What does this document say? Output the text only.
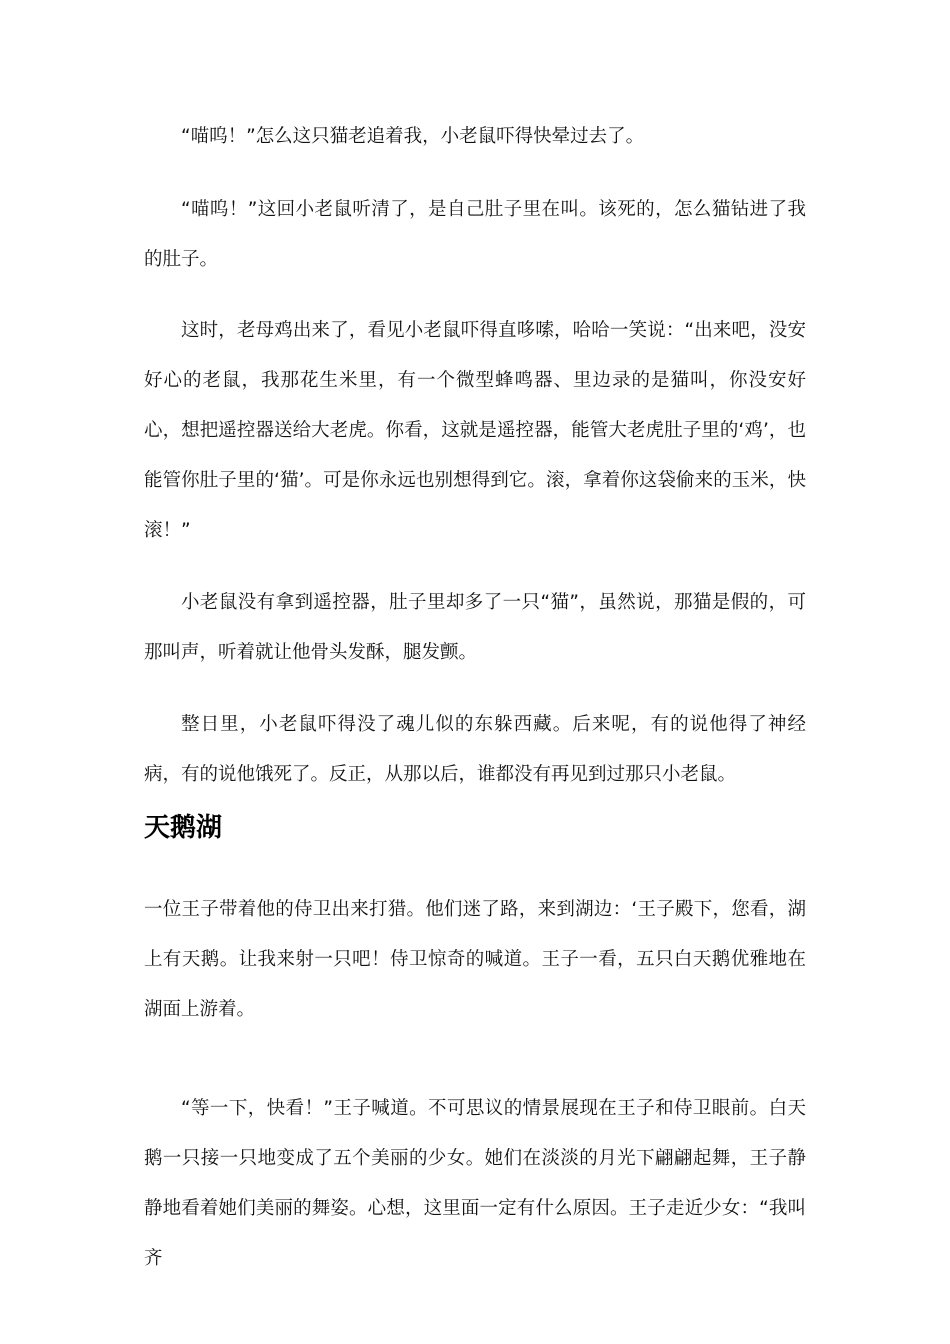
“喵呜！”怎么这只猫老追着我，小老鼠吓得快晕过去了。

“喵呜！”这回小老鼠听清了，是自己肚子里在叫。该死的，怎么猫钻进了我的肚子。

这时，老母鸡出来了，看见小老鼠吓得直哆嗦，哈哈一笑说：“出来吧，没安好心的老鼠，我那花生米里，有一个微型蜂鸣器、里边录的是猫叫，你没安好心，想把遥控器送给大老虎。你看，这就是遥控器，能管大老虎肚子里的‘鸡’，也能管你肚子里的‘猫’。可是你永远也别想得到它。滚，拿着你这袋偷来的玉米，快滚！”

小老鼠没有拿到遥控器，肚子里却多了一只“猫”，虽然说，那猫是假的，可那叫声，听着就让他骨头发酥，腿发颤。

整日里，小老鼠吓得没了魂儿似的东躲西藏。后来呢，有的说他得了神经病，有的说他饿死了。反正，从那以后，谁都没有再见到过那只小老鼠。

天鹅湖

一位王子带着他的侍卫出来打猎。他们迷了路，来到湖边：‘王子殿下，您看，湖上有天鹅。让我来射一只吧！侍卫惊奇的喊道。王子一看，五只白天鹅优雅地在湖面上游着。

“等一下，快看！”王子喊道。不可思议的情景展现在王子和侍卫眼前。白天鹅一只接一只地变成了五个美丽的少女。她们在淡淡的月光下翩翩起舞，王子静静地看着她们美丽的舞姿。心想，这里面一定有什么原因。王子走近少女：“我叫齐
